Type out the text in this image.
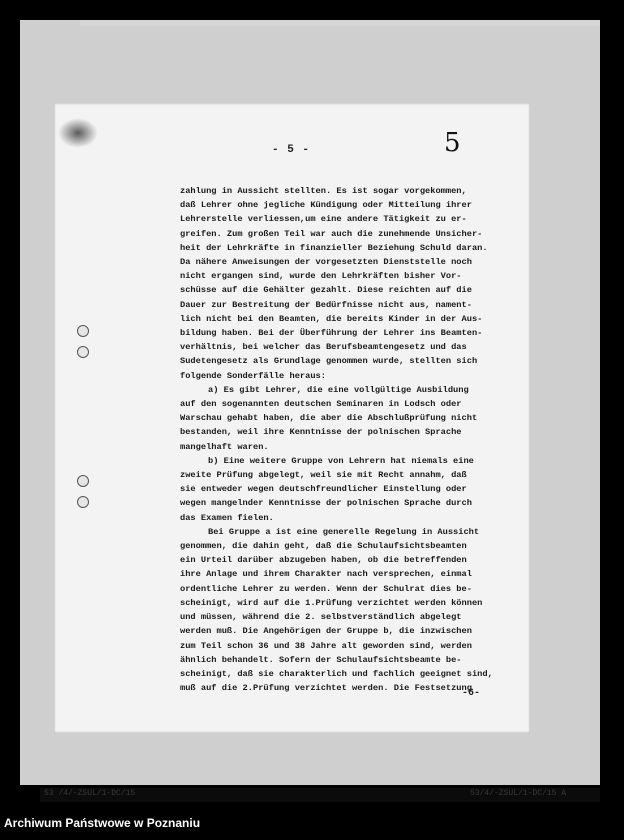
- 5 -	5
zahlung in Aussicht stellten. Es ist sogar vorgekommen,
daß Lehrer ohne jegliche Kündigung oder Mitteilung ihrer
Lehrerstelle verliessen,um eine andere Tätigkeit zu er-
greifen. Zum großen Teil war auch die zunehmende Unsicher-
heit der Lehrkräfte in finanzieller Beziehung Schuld daran.
Da nähere Anweisungen der vorgesetzten Dienststelle noch
nicht ergangen sind, wurde den Lehrkräften bisher Vor-
schüsse auf die Gehälter gezahlt. Diese reichten auf die
Dauer zur Bestreitung der Bedürfnisse nicht aus, nament-
lich nicht bei den Beamten, die bereits Kinder in der Aus-
bildung haben. Bei der Überführung der Lehrer ins Beamten-
verhältnis, bei welcher das Berufsbeamtengesetz und das
Sudetengesetz als Grundlage genommen wurde, stellten sich
folgende Sonderfälle heraus:
a) Es gibt Lehrer, die eine vollgültige Ausbildung
auf den sogenannten deutschen Seminaren in Lodsch oder
Warschau gehabt haben, die aber die Abschlußprüfung nicht
bestanden, weil ihre Kenntnisse der polnischen Sprache
mangelhaft waren.
b) Eine weitere Gruppe von Lehrern hat niemals eine
zweite Prüfung abgelegt, weil sie mit Recht annahm, daß
sie entweder wegen deutschfreundlicher Einstellung oder
wegen mangelnder Kenntnisse der polnischen Sprache durch
das Examen fielen.
Bei Gruppe a ist eine generelle Regelung in Aussicht
genommen, die dahin geht, daß die Schulaufsichtsbeamten
ein Urteil darüber abzugeben haben, ob die betreffenden
ihre Anlage und ihrem Charakter nach versprechen, einmal
ordentliche Lehrer zu werden. Wenn der Schulrat dies be-
scheinigt, wird auf die 1.Prüfung verzichtet werden können
und müssen, während die 2. selbstverständlich abgelegt
werden muß. Die Angehörigen der Gruppe b, die inzwischen
zum Teil schon 36 und 38 Jahre alt geworden sind, werden
ähnlich behandelt. Sofern der Schulaufsichtsbeamte be-
scheinigt, daß sie charakterlich und fachlich geeignet sind,
muß auf die 2.Prüfung verzichtet werden. Die Festsetzung
-6-
53 /4/-ZSUL/1-DC/15	53/4/-ZSUL/1-DC/15 A
Archiwum Państwowe w Poznaniu
